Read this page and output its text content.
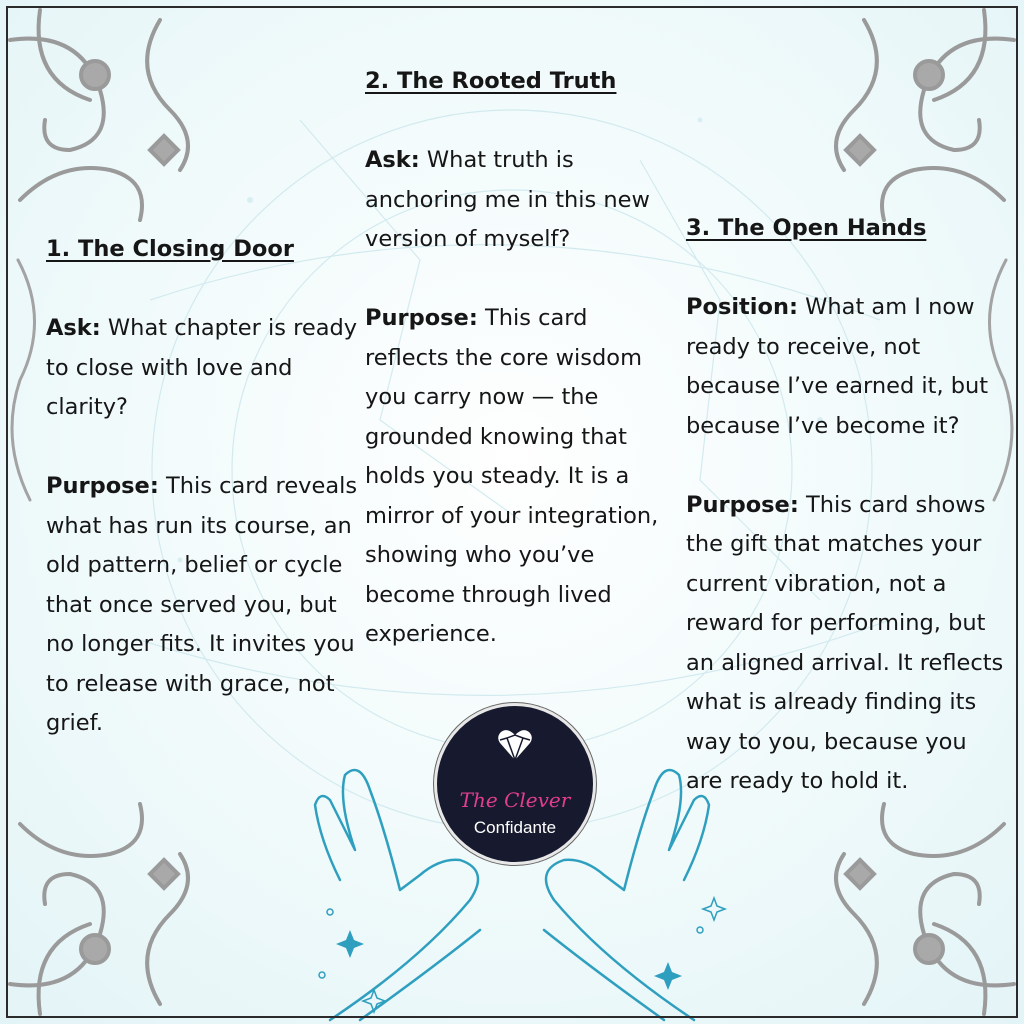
1. The Closing Door

Ask: What chapter is ready to close with love and clarity?

Purpose: This card reveals what has run its course, an old pattern, belief or cycle that once served you, but no longer fits. It invites you to release with grace, not grief.

2. The Rooted Truth

Ask: What truth is anchoring me in this new version of myself?

Purpose: This card reflects the core wisdom you carry now — the grounded knowing that holds you steady. It is a mirror of your integration, showing who you’ve become through lived experience.

3. The Open Hands

Position: What am I now ready to receive, not because I’ve earned it, but because I’ve become it?

Purpose: This card shows the gift that matches your current vibration, not a reward for performing, but an aligned arrival. It reflects what is already finding its way to you, because you are ready to hold it.

The Clever
Confidante
